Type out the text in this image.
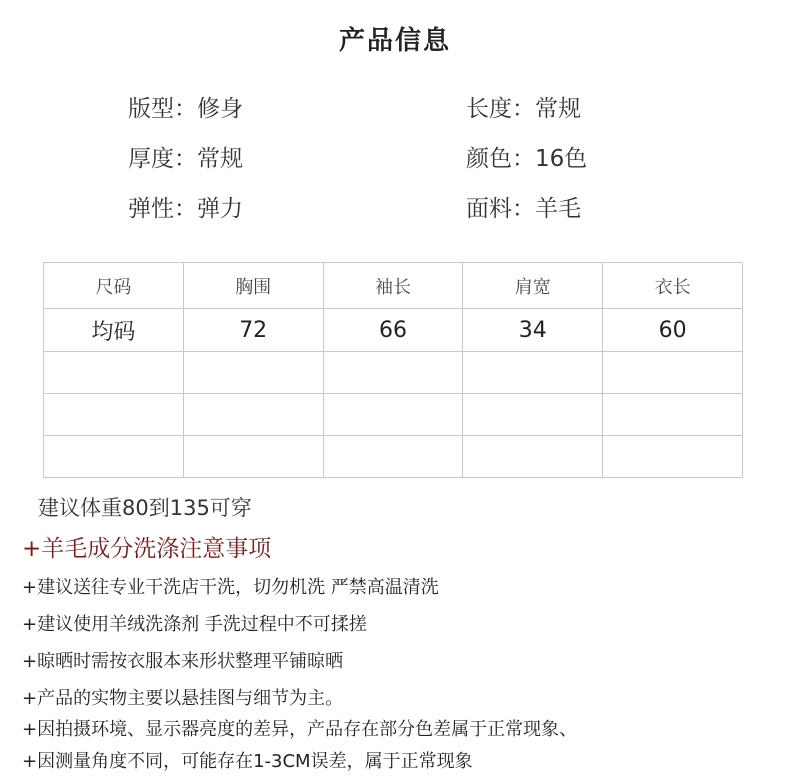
产品信息
版型：修身	长度：常规
厚度：常规	颜色：16色
弹性：弹力	面料：羊毛
尺码	胸围	袖长	肩宽	衣长
均码	72	66	34	60

建议体重80到135可穿
+羊毛成分洗涤注意事项
+建议送往专业干洗店干洗，切勿机洗 严禁高温清洗
+建议使用羊绒洗涤剂 手洗过程中不可揉搓
+晾晒时需按衣服本来形状整理平铺晾晒
+产品的实物主要以悬挂图与细节为主。
+因拍摄环境、显示器亮度的差异，产品存在部分色差属于正常现象、
+因测量角度不同，可能存在1-3CM误差，属于正常现象
